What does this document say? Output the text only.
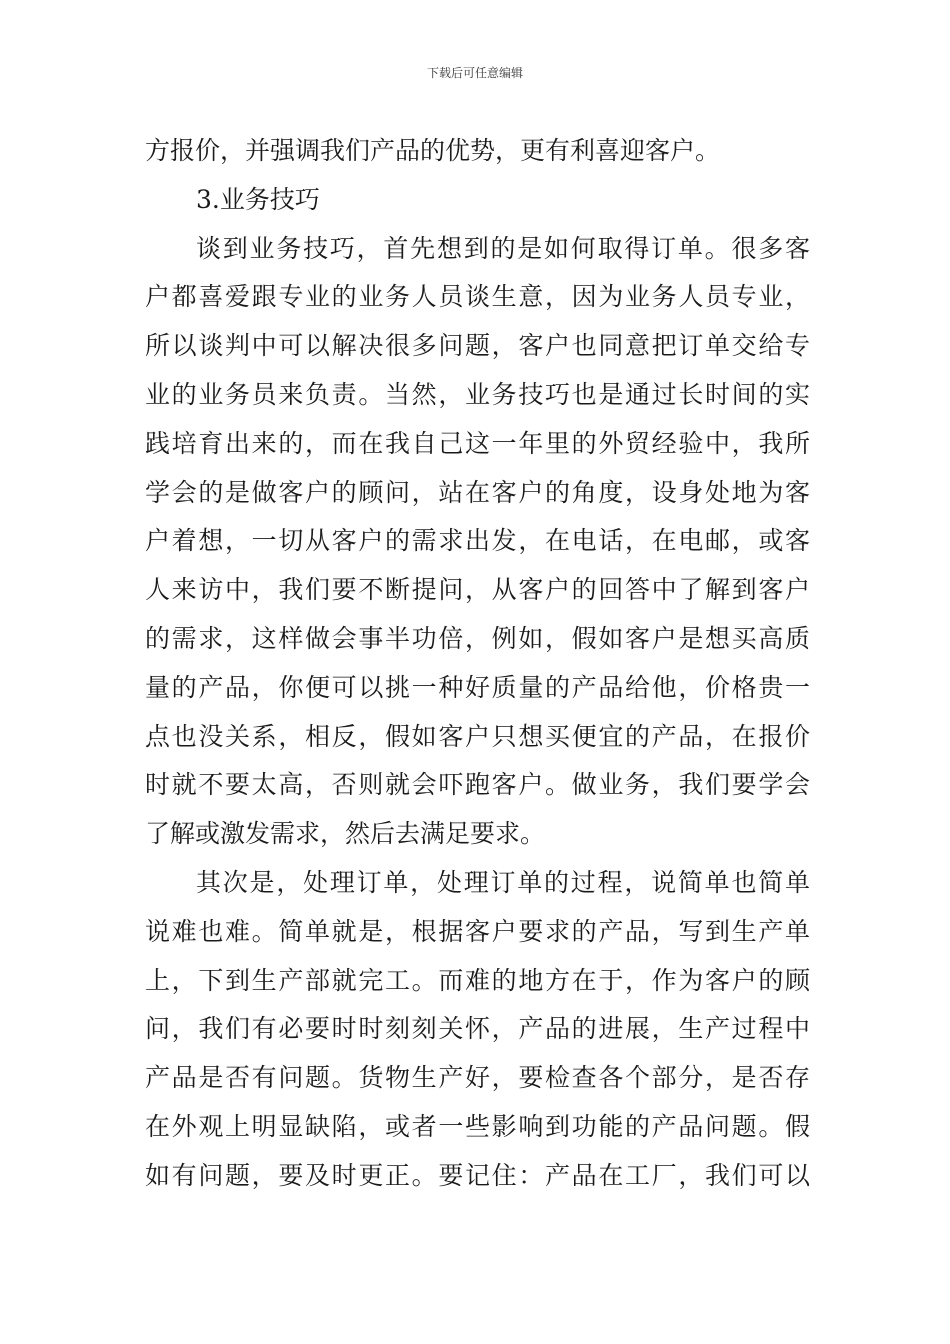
下载后可任意编辑
方报价，并强调我们产品的优势，更有利喜迎客户。
3.业务技巧
谈到业务技巧，首先想到的是如何取得订单。很多客
户都喜爱跟专业的业务人员谈生意，因为业务人员专业，
所以谈判中可以解决很多问题，客户也同意把订单交给专
业的业务员来负责。当然，业务技巧也是通过长时间的实
践培育出来的，而在我自己这一年里的外贸经验中，我所
学会的是做客户的顾问，站在客户的角度，设身处地为客
户着想，一切从客户的需求出发，在电话，在电邮，或客
人来访中，我们要不断提问，从客户的回答中了解到客户
的需求，这样做会事半功倍，例如，假如客户是想买高质
量的产品，你便可以挑一种好质量的产品给他，价格贵一
点也没关系，相反，假如客户只想买便宜的产品，在报价
时就不要太高，否则就会吓跑客户。做业务，我们要学会
了解或激发需求，然后去满足要求。
其次是，处理订单，处理订单的过程，说简单也简单
说难也难。简单就是，根据客户要求的产品，写到生产单
上，下到生产部就完工。而难的地方在于，作为客户的顾
问，我们有必要时时刻刻关怀，产品的进展，生产过程中
产品是否有问题。货物生产好，要检查各个部分，是否存
在外观上明显缺陷，或者一些影响到功能的产品问题。假
如有问题，要及时更正。要记住：产品在工厂，我们可以
